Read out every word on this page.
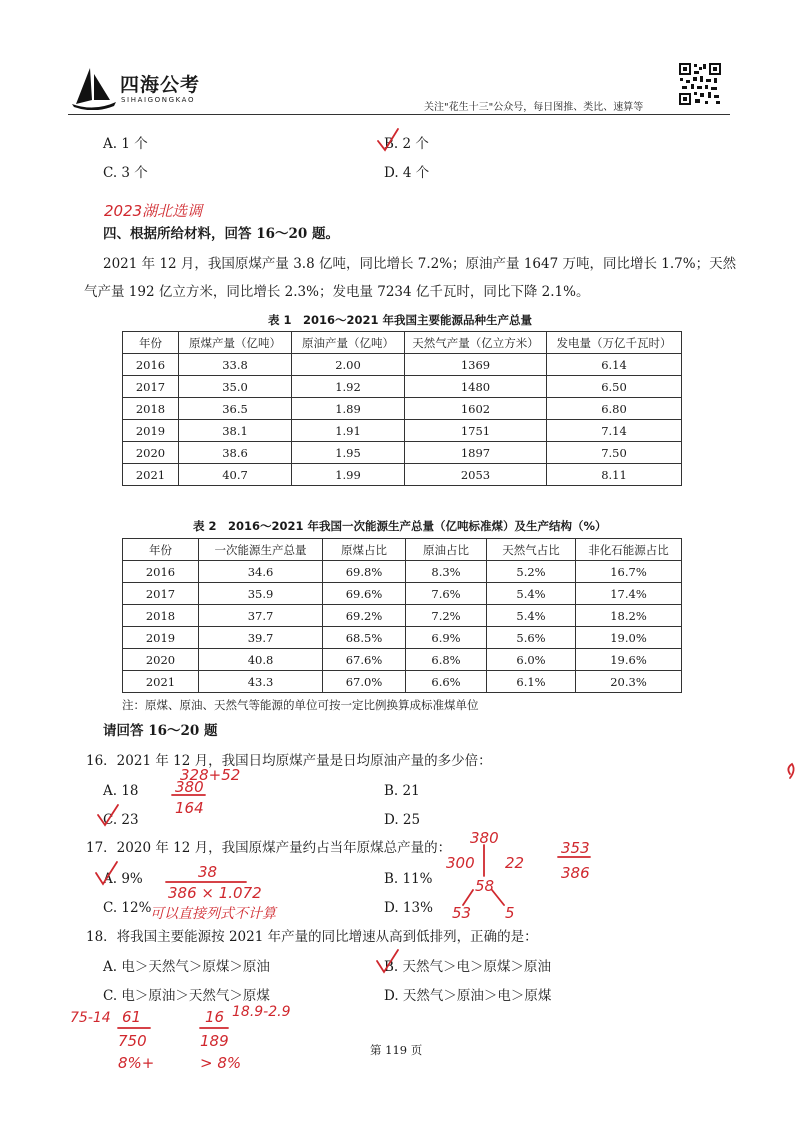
四海公考
SIHAIGONGKAO
关注"花生十三"公众号，每日图推、类比、速算等
A. 1 个	B. 2 个
C. 3 个	D. 4 个
2023湖北选调
四、根据所给材料，回答 16～20 题。
2021 年 12 月，我国原煤产量 3.8 亿吨，同比增长 7.2%；原油产量 1647 万吨，同比增长 1.7%；天然
气产量 192 亿立方米，同比增长 2.3%；发电量 7234 亿千瓦时，同比下降 2.1%。
表 1　2016～2021 年我国主要能源品种生产总量
年份	原煤产量（亿吨）	原油产量（亿吨）	天然气产量（亿立方米）	发电量（万亿千瓦时）
2016	33.8	2.00	1369	6.14
2017	35.0	1.92	1480	6.50
2018	36.5	1.89	1602	6.80
2019	38.1	1.91	1751	7.14
2020	38.6	1.95	1897	7.50
2021	40.7	1.99	2053	8.11
表 2　2016～2021 年我国一次能源生产总量（亿吨标准煤）及生产结构（%）
年份	一次能源生产总量	原煤占比	原油占比	天然气占比	非化石能源占比
2016	34.6	69.8%	8.3%	5.2%	16.7%
2017	35.9	69.6%	7.6%	5.4%	17.4%
2018	37.7	69.2%	7.2%	5.4%	18.2%
2019	39.7	68.5%	6.9%	5.6%	19.0%
2020	40.8	67.6%	6.8%	6.0%	19.6%
2021	43.3	67.0%	6.6%	6.1%	20.3%
注：原煤、原油、天然气等能源的单位可按一定比例换算成标准煤单位
请回答 16～20 题
16．2021 年 12 月，我国日均原煤产量是日均原油产量的多少倍：
A. 18	B. 21
C. 23	D. 25
17．2020 年 12 月，我国原煤产量约占当年原煤总产量的：
A. 9%	B. 11%
C. 12%	D. 13%
18．将我国主要能源按 2021 年产量的同比增速从高到低排列，正确的是：
A. 电＞天然气＞原煤＞原油	B. 天然气＞电＞原煤＞原油
C. 电＞原油＞天然气＞原煤	D. 天然气＞原油＞电＞原煤
第 119 页
328+52
380
164
38
386 × 1.072
可以直接列式不计算
380
300 22
58
53 5
353
386
75-14 61
750
8%+
18.9-2.9
16
189
> 8%
